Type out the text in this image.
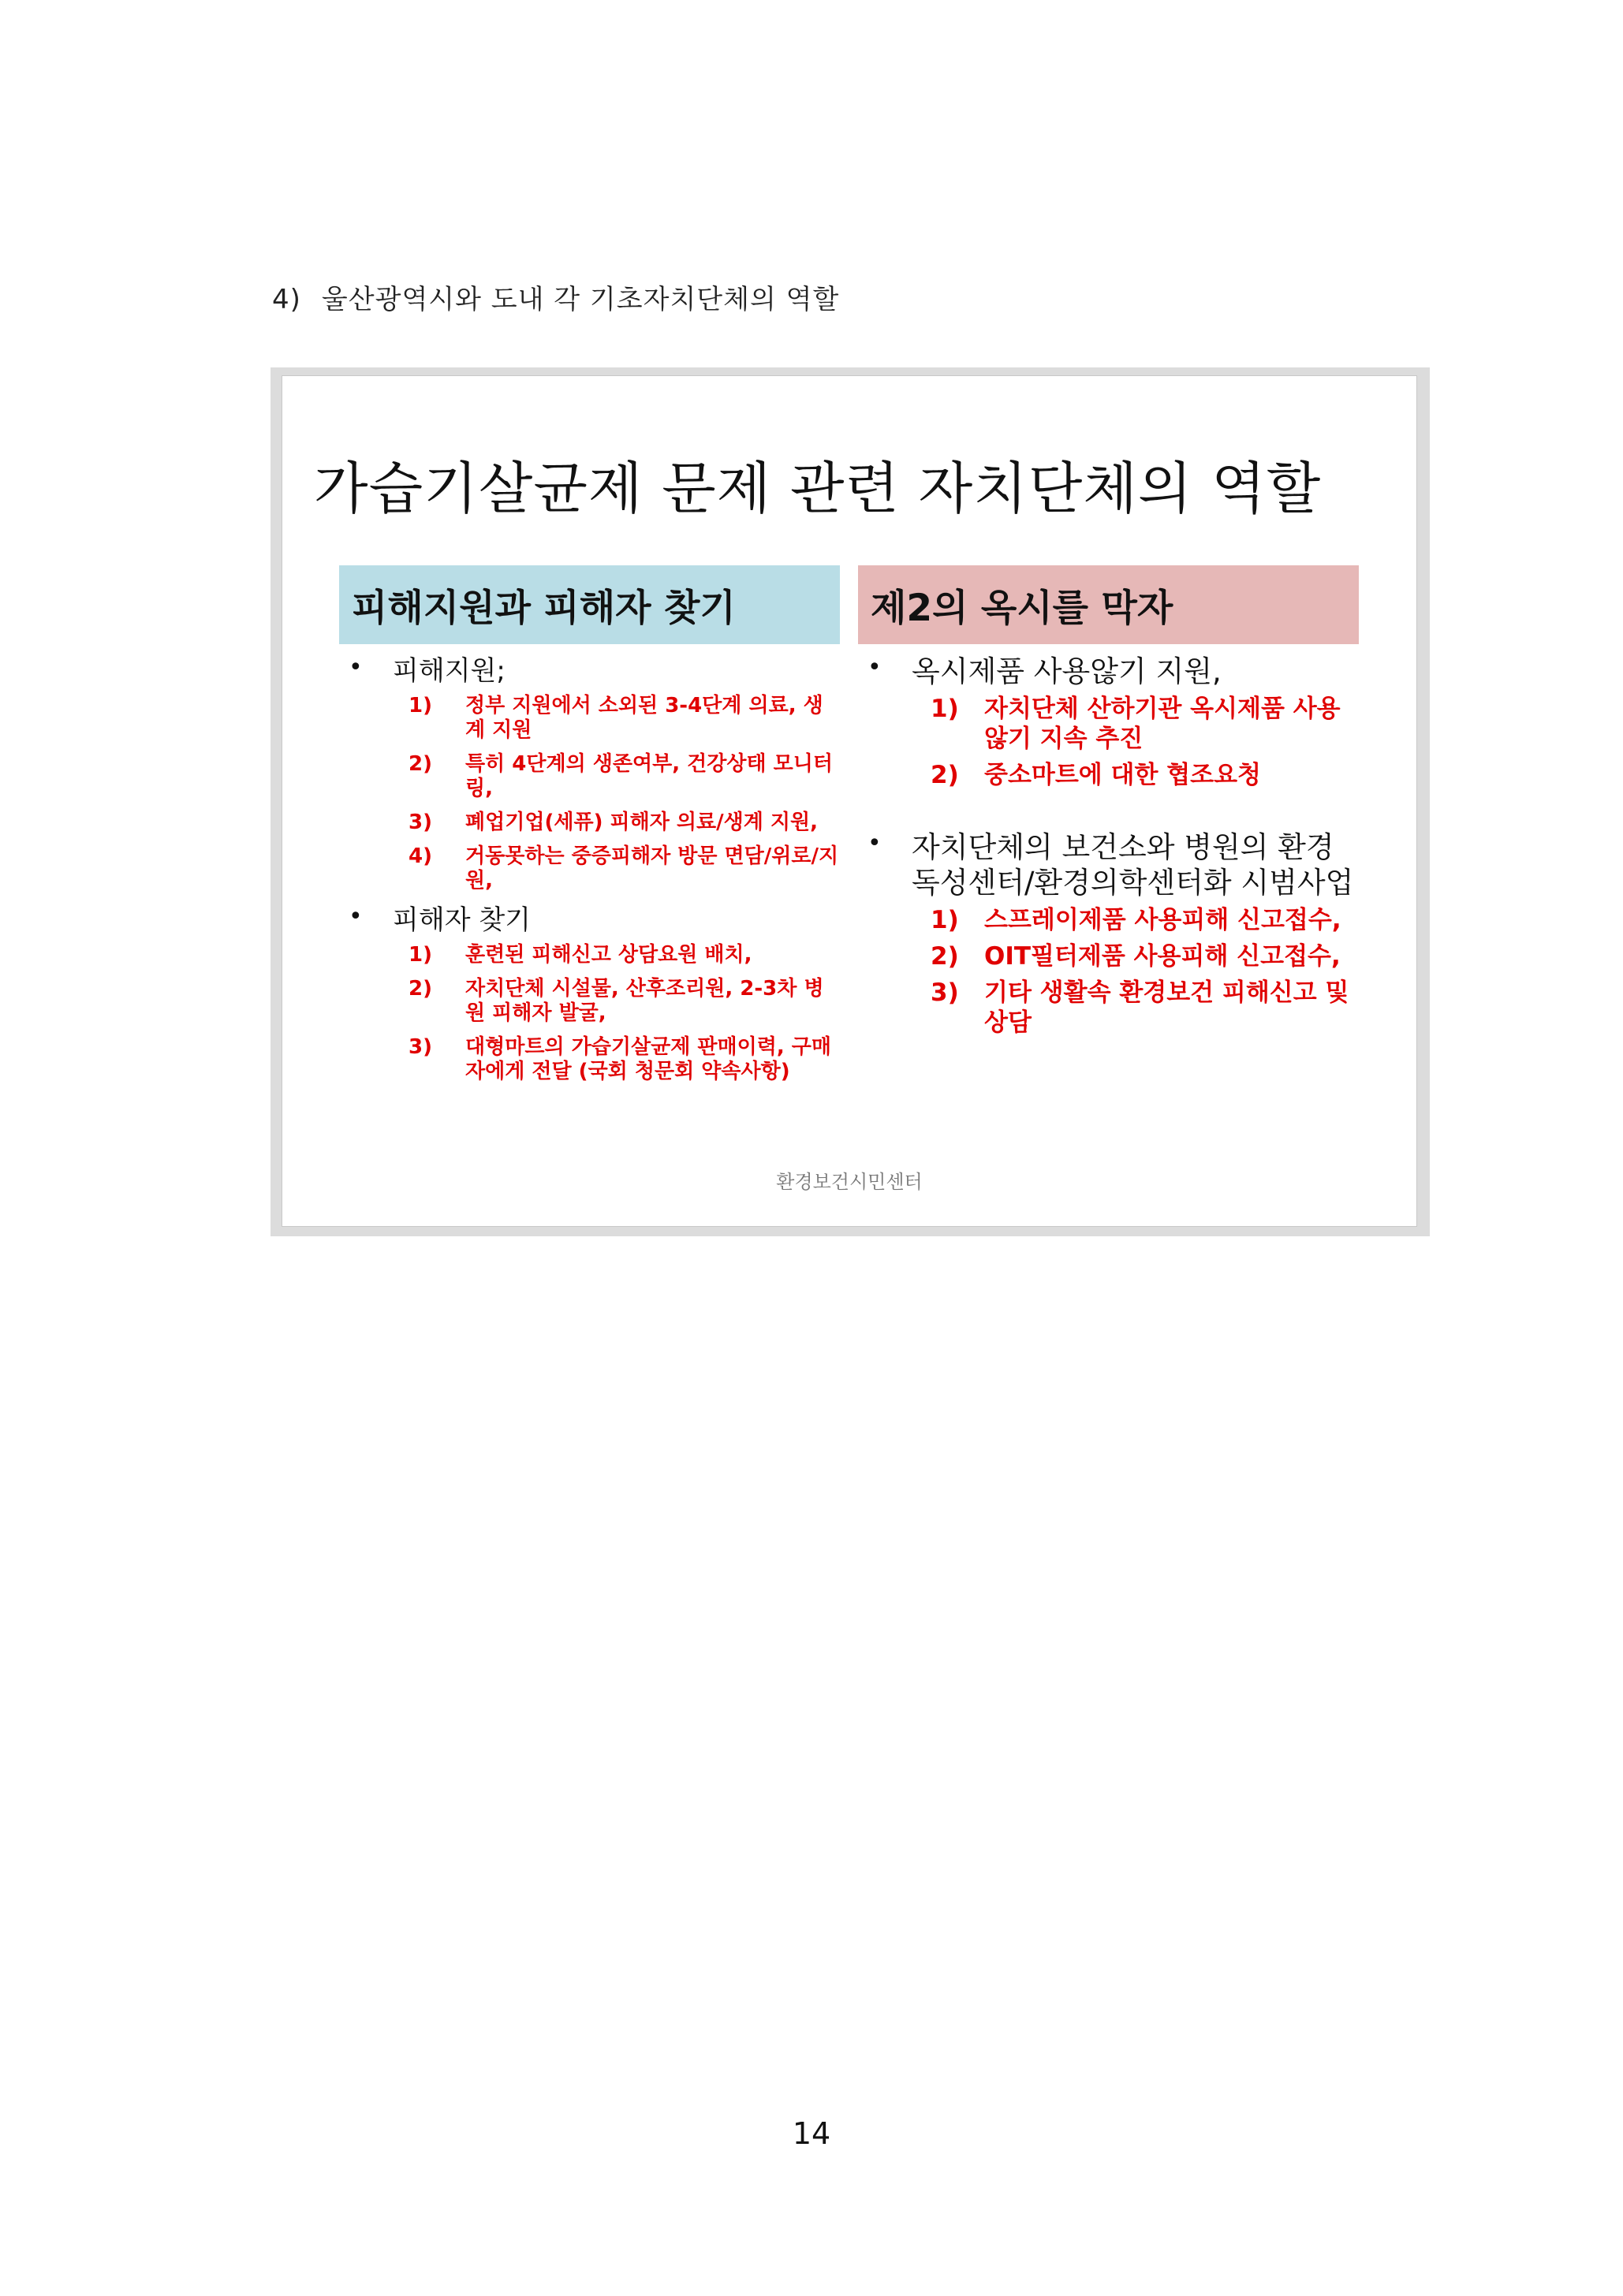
4) 울산광역시와 도내 각 기초자치단체의 역할
가습기살균제 문제 관련 자치단체의 역할
피해지원과 피해자 찾기
• 피해지원;
1) 정부 지원에서 소외된 3-4단계 의료, 생계 지원
2) 특히 4단계의 생존여부, 건강상태 모니터링,
3) 폐업기업(세퓨) 피해자 의료/생계 지원,
4) 거동못하는 중증피해자 방문 면담/위로/지원,
• 피해자 찾기
1) 훈련된 피해신고 상담요원 배치,
2) 자치단체 시설물, 산후조리원, 2-3차 병원 피해자 발굴,
3) 대형마트의 가습기살균제 판매이력, 구매자에게 전달 (국회 청문회 약속사항)
제2의 옥시를 막자
• 옥시제품 사용않기 지원,
1) 자치단체 산하기관 옥시제품 사용않기 지속 추진
2) 중소마트에 대한 협조요청
• 자치단체의 보건소와 병원의 환경독성센터/환경의학센터화 시범사업
1) 스프레이제품 사용피해 신고접수,
2) OIT필터제품 사용피해 신고접수,
3) 기타 생활속 환경보건 피해신고 및 상담
환경보건시민센터
14
